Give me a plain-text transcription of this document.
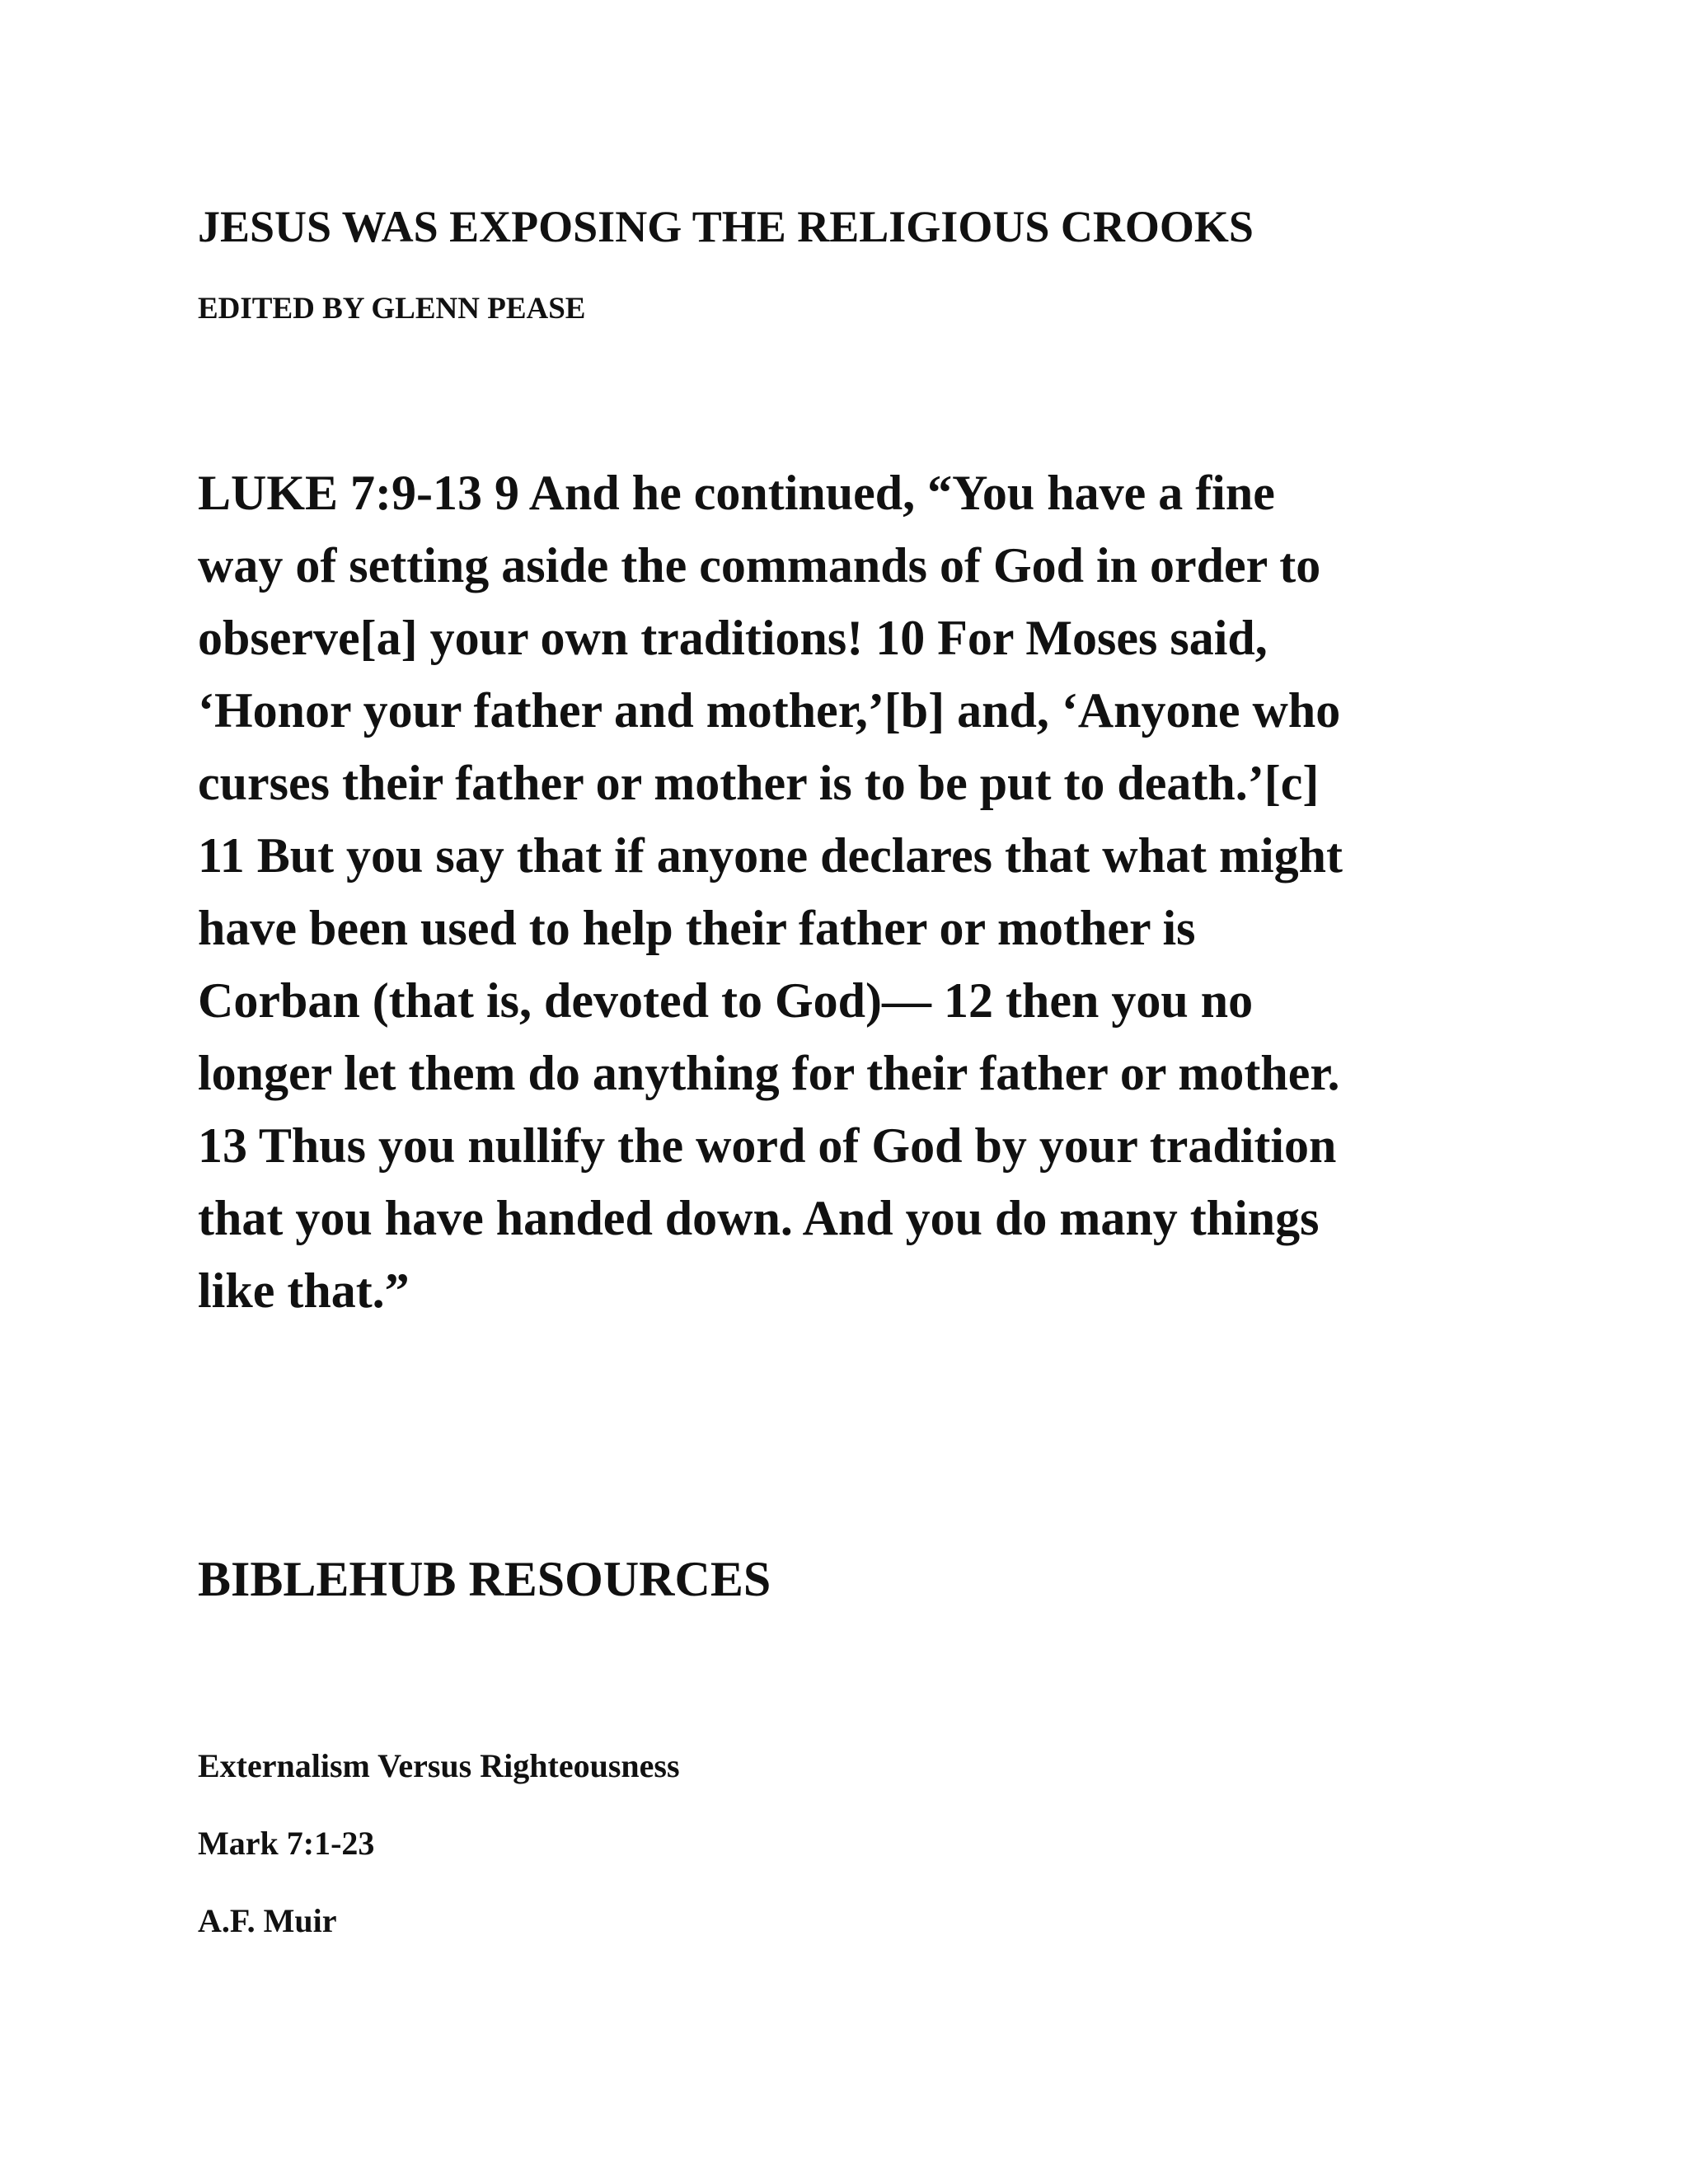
JESUS WAS EXPOSING THE RELIGIOUS CROOKS
EDITED BY GLENN PEASE
LUKE 7:9-13 9 And he continued, “You have a fine
way of setting aside the commands of God in order to
observe[a] your own traditions! 10 For Moses said,
‘Honor your father and mother,’[b] and, ‘Anyone who
curses their father or mother is to be put to death.’[c]
11 But you say that if anyone declares that what might
have been used to help their father or mother is
Corban (that is, devoted to God)— 12 then you no
longer let them do anything for their father or mother.
13 Thus you nullify the word of God by your tradition
that you have handed down. And you do many things
like that.”
BIBLEHUB RESOURCES
Externalism Versus Righteousness
Mark 7:1-23
A.F. Muir
